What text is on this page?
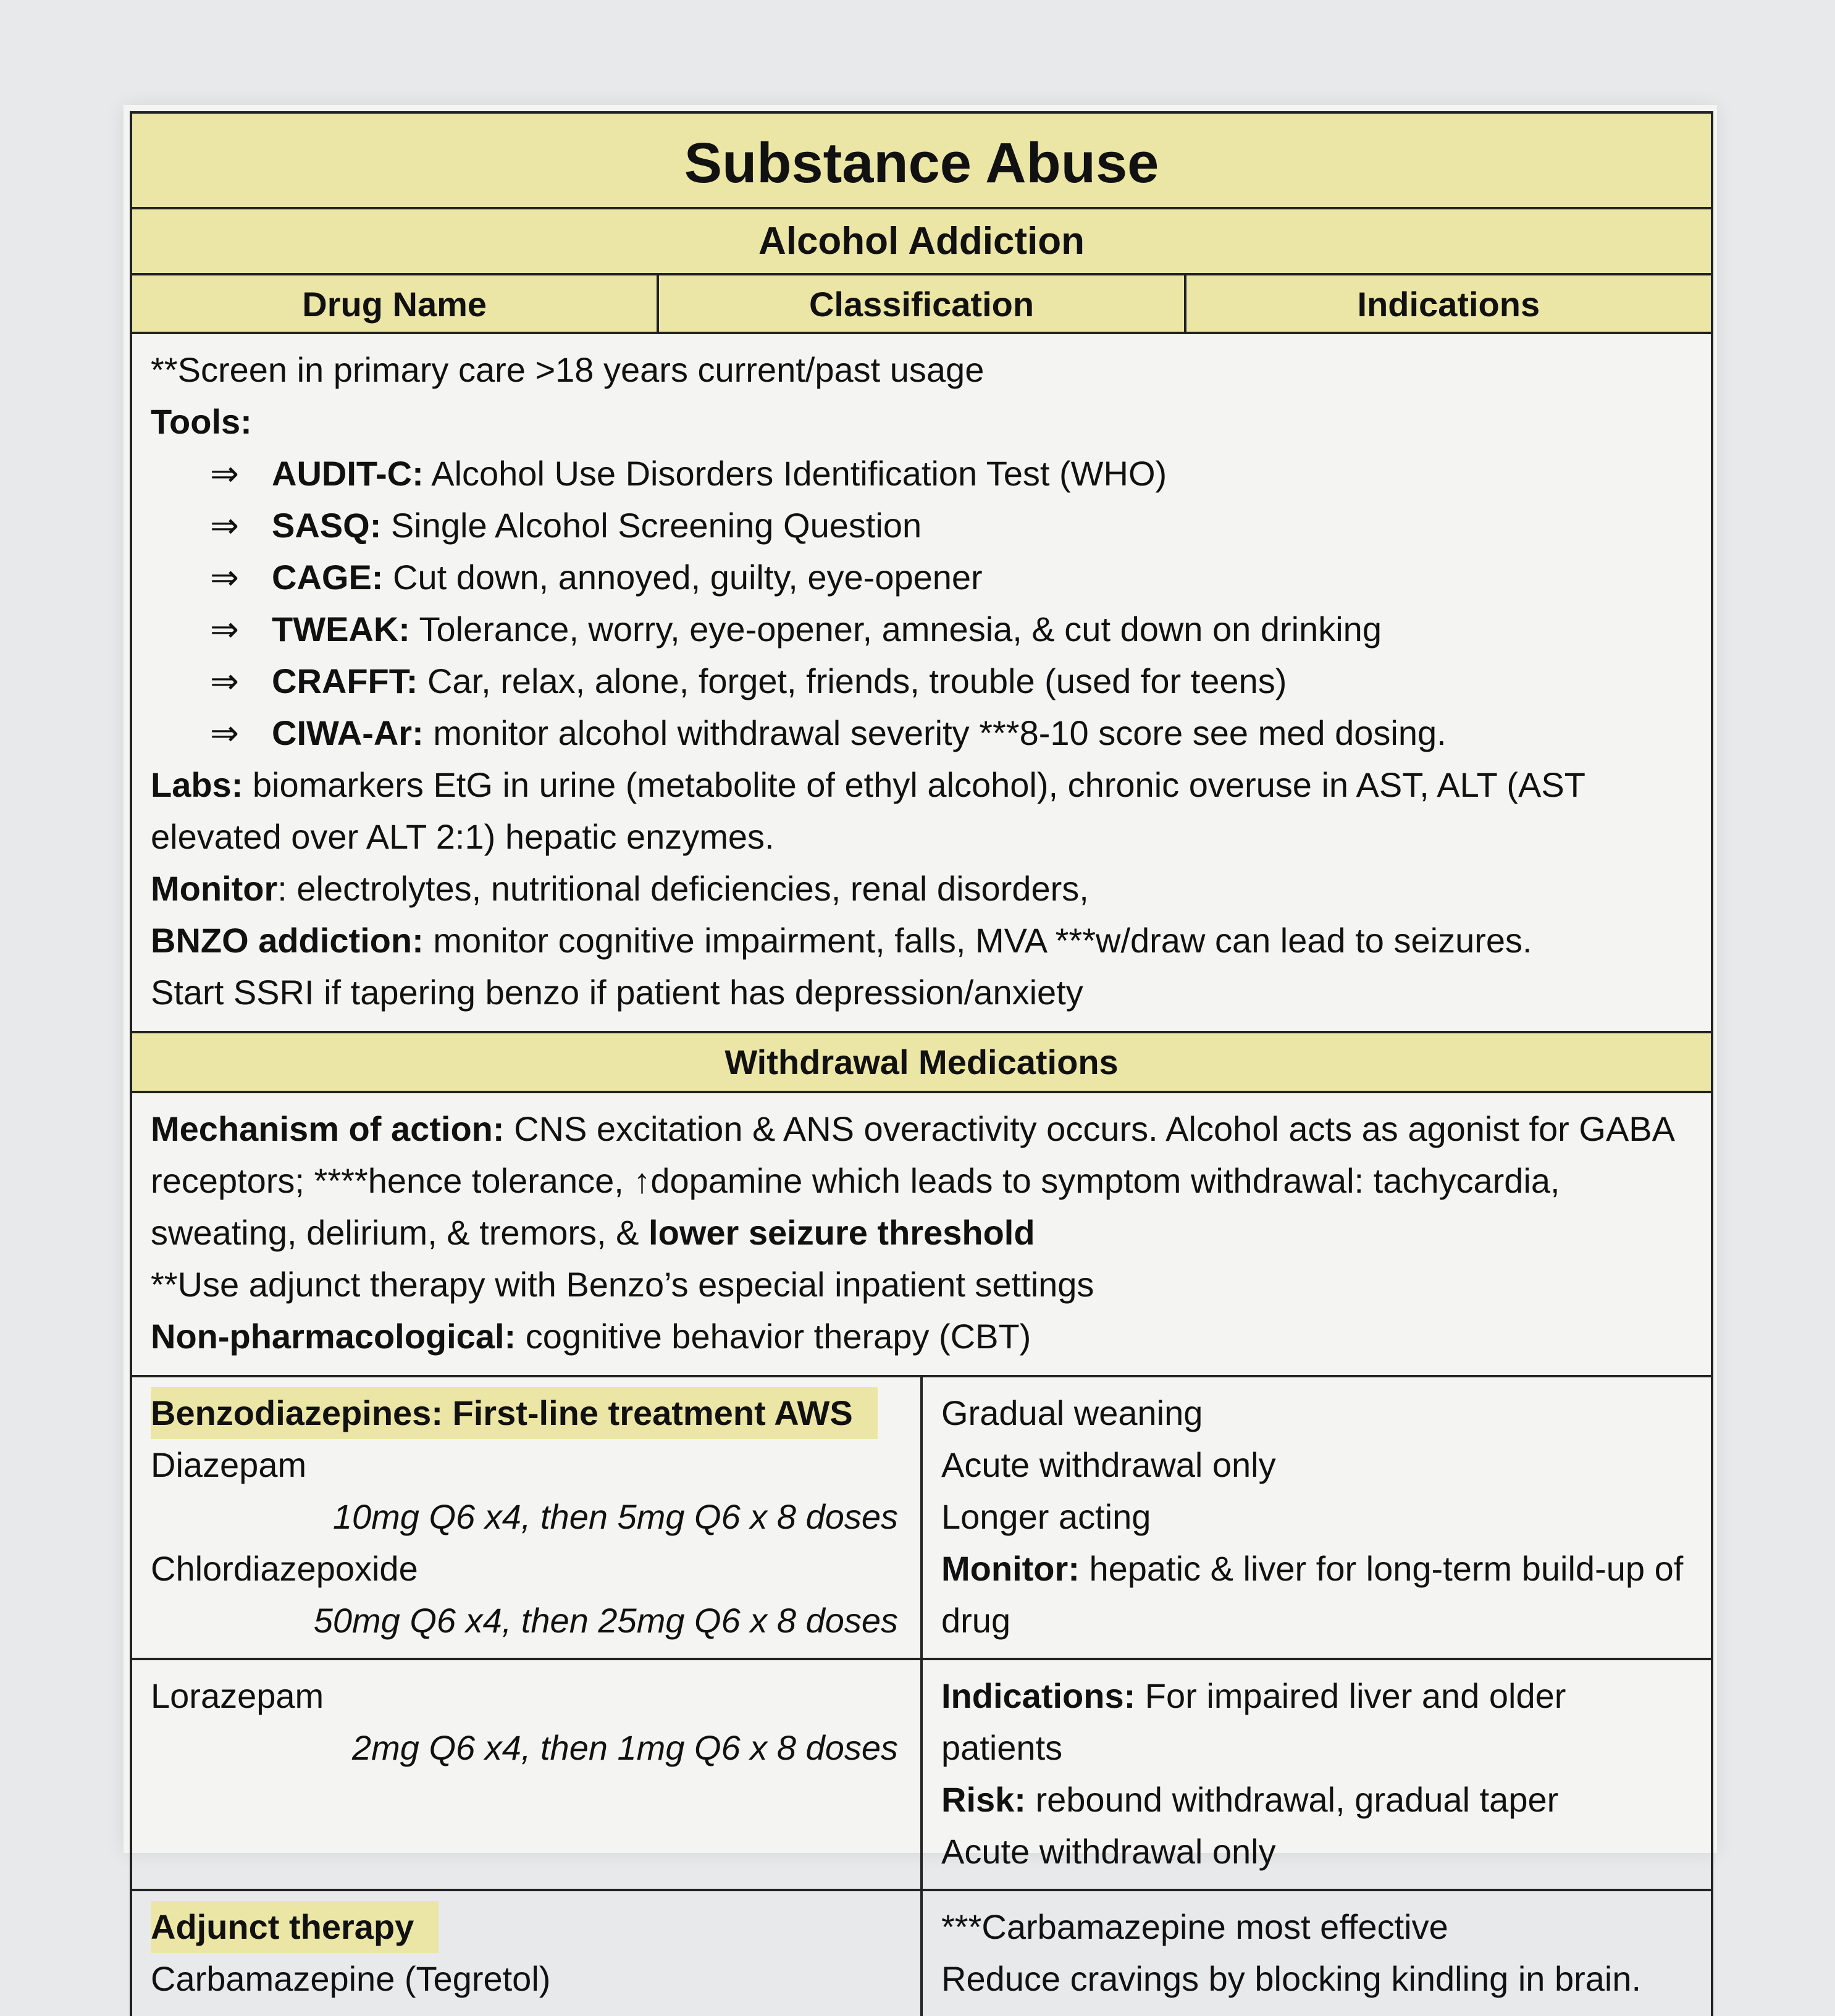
Substance Abuse
Alcohol Addiction
Drug Name	Classification	Indications

**Screen in primary care >18 years current/past usage

Tools:

⇒ AUDIT-C: Alcohol Use Disorders Identification Test (WHO)

⇒ SASQ: Single Alcohol Screening Question

⇒ CAGE: Cut down, annoyed, guilty, eye-opener

⇒ TWEAK: Tolerance, worry, eye-opener, amnesia, & cut down on drinking

⇒ CRAFFT: Car, relax, alone, forget, friends, trouble (used for teens)

⇒ CIWA-Ar: monitor alcohol withdrawal severity ***8-10 score see med dosing.

Labs: biomarkers EtG in urine (metabolite of ethyl alcohol), chronic overuse in AST, ALT (AST elevated over ALT 2:1) hepatic enzymes.

Monitor: electrolytes, nutritional deficiencies, renal disorders,

BNZO addiction: monitor cognitive impairment, falls, MVA ***w/draw can lead to seizures.

Start SSRI if tapering benzo if patient has depression/anxiety

Withdrawal Medications

Mechanism of action: CNS excitation & ANS overactivity occurs. Alcohol acts as agonist for GABA receptors; ****hence tolerance, ↑dopamine which leads to symptom withdrawal: tachycardia, sweating, delirium, & tremors, & lower seizure threshold

**Use adjunct therapy with Benzo’s especial inpatient settings

Non-pharmacological: cognitive behavior therapy (CBT)

Benzodiazepines: First-line treatment AWS

Diazepam

10mg Q6 x4, then 5mg Q6 x 8 doses

Chlordiazepoxide

50mg Q6 x4, then 25mg Q6 x 8 doses

Gradual weaning

Acute withdrawal only

Longer acting

Monitor: hepatic & liver for long-term build-up of drug

Lorazepam

2mg Q6 x4, then 1mg Q6 x 8 doses

Indications: For impaired liver and older patients

Risk: rebound withdrawal, gradual taper

Acute withdrawal only

Adjunct therapy

Carbamazepine (Tegretol)

***Carbamazepine most effective

Reduce cravings by blocking kindling in brain.
